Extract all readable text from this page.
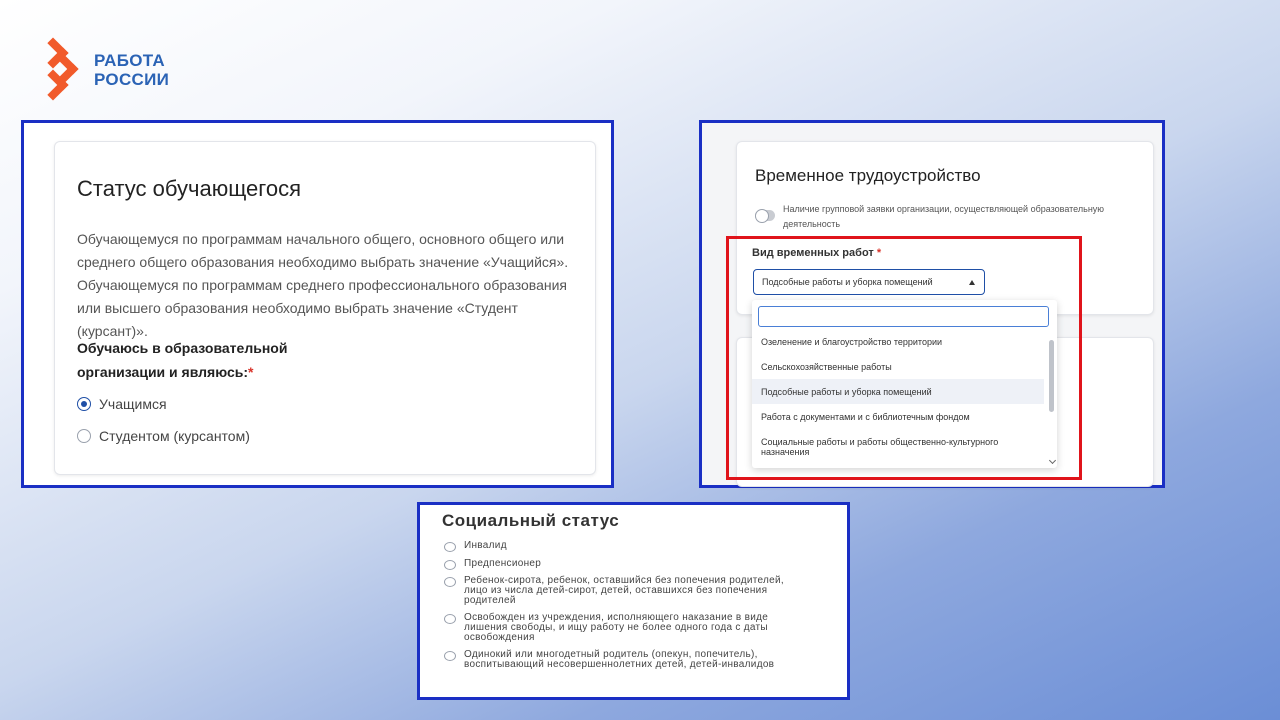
РАБОТА
РОССИИ
Статус обучающегося
Обучающемуся по программам начального общего, основного общего или среднего общего образования необходимо выбрать значение «Учащийся». Обучающемуся по программам среднего профессионального образования или высшего образования необходимо выбрать значение «Студент (курсант)».
Обучаюсь в образовательной организации и являюсь:*
Учащимся
Студентом (курсантом)
Временное трудоустройство
Наличие групповой заявки организации, осуществляющей образовательную деятельность
Вид временных работ *
Подсобные работы и уборка помещений
Озеленение и благоустройство территории
Сельскохозяйственные работы
Подсобные работы и уборка помещений
Работа с документами и с библиотечным фондом
Социальные работы и работы общественно-культурного назначения
Социальный статус
Инвалид
Предпенсионер
Ребенок-сирота, ребенок, оставшийся без попечения родителей, лицо из числа детей-сирот, детей, оставшихся без попечения родителей
Освобожден из учреждения, исполняющего наказание в виде лишения свободы, и ищу работу не более одного года с даты освобождения
Одинокий или многодетный родитель (опекун, попечитель), воспитывающий несовершеннолетних детей, детей-инвалидов
